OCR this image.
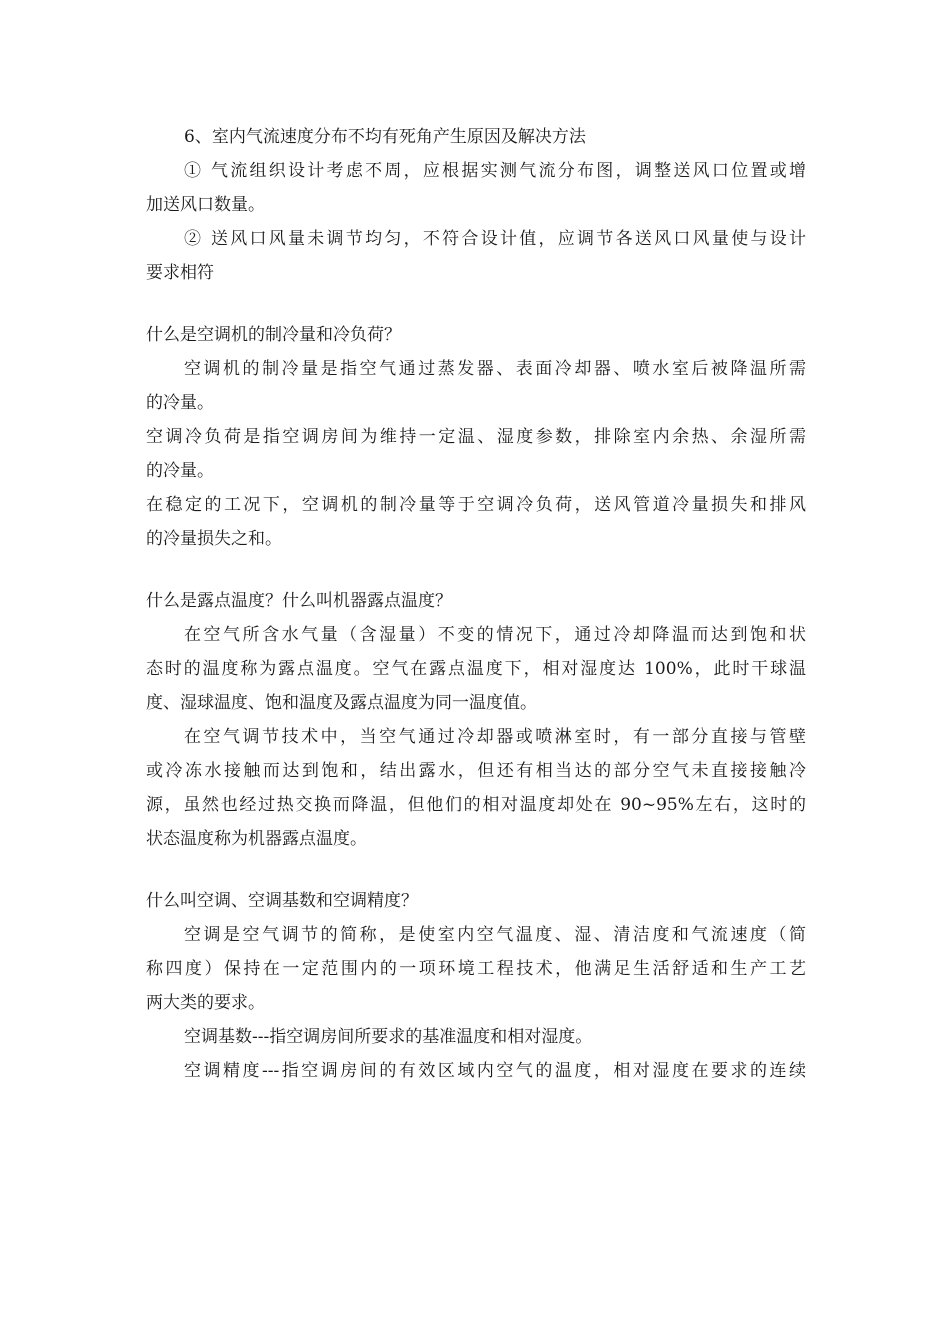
6、室内气流速度分布不均有死角产生原因及解决方法

① 气流组织设计考虑不周，应根据实测气流分布图，调整送风口位置或增

加送风口数量。

② 送风口风量未调节均匀，不符合设计值，应调节各送风口风量使与设计

要求相符

什么是空调机的制冷量和冷负荷？

空调机的制冷量是指空气通过蒸发器、表面冷却器、喷水室后被降温所需

的冷量。

空调冷负荷是指空调房间为维持一定温、湿度参数，排除室内余热、余湿所需

的冷量。

在稳定的工况下，空调机的制冷量等于空调冷负荷，送风管道冷量损失和排风

的冷量损失之和。

什么是露点温度？什么叫机器露点温度？

在空气所含水气量（含湿量）不变的情况下，通过冷却降温而达到饱和状

态时的温度称为露点温度。空气在露点温度下，相对湿度达 100%，此时干球温

度、湿球温度、饱和温度及露点温度为同一温度值。

在空气调节技术中，当空气通过冷却器或喷淋室时，有一部分直接与管壁

或冷冻水接触而达到饱和，结出露水，但还有相当达的部分空气未直接接触冷

源，虽然也经过热交换而降温，但他们的相对温度却处在 90~95%左右，这时的

状态温度称为机器露点温度。

什么叫空调、空调基数和空调精度？

空调是空气调节的简称，是使室内空气温度、湿、清洁度和气流速度（简

称四度）保持在一定范围内的一项环境工程技术，他满足生活舒适和生产工艺

两大类的要求。

空调基数---指空调房间所要求的基准温度和相对湿度。

空调精度---指空调房间的有效区域内空气的温度，相对湿度在要求的连续
